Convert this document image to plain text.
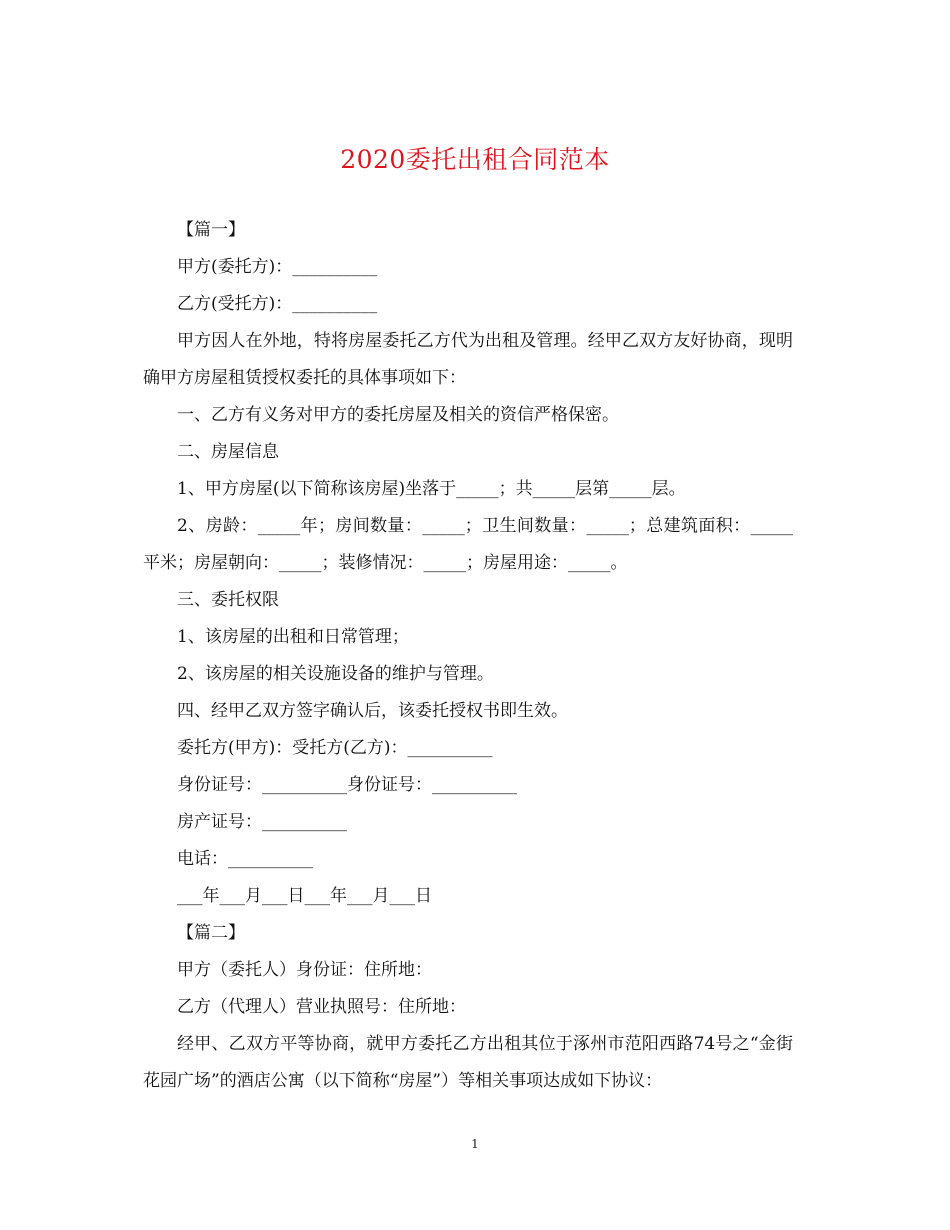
2020委托出租合同范本

【篇一】

甲方(委托方)：__________

乙方(受托方)：__________

甲方因人在外地，特将房屋委托乙方代为出租及管理。经甲乙双方友好协商，现明确甲方房屋租赁授权委托的具体事项如下：

一、乙方有义务对甲方的委托房屋及相关的资信严格保密。

二、房屋信息

1、甲方房屋(以下简称该房屋)坐落于_____；共_____层第_____层。

2、房龄：_____年；房间数量：_____；卫生间数量：_____；总建筑面积：_____平米；房屋朝向：_____；装修情况：_____；房屋用途：_____。

三、委托权限

1、该房屋的出租和日常管理；

2、该房屋的相关设施设备的维护与管理。

四、经甲乙双方签字确认后，该委托授权书即生效。

委托方(甲方)：受托方(乙方)：__________

身份证号：__________身份证号：__________

房产证号：__________

电话：__________

___年___月___日___年___月___日

【篇二】

甲方（委托人）身份证：住所地：

乙方（代理人）营业执照号：住所地：

经甲、乙双方平等协商，就甲方委托乙方出租其位于涿州市范阳西路74号之“金街花园广场”的酒店公寓（以下简称“房屋”）等相关事项达成如下协议：

1
